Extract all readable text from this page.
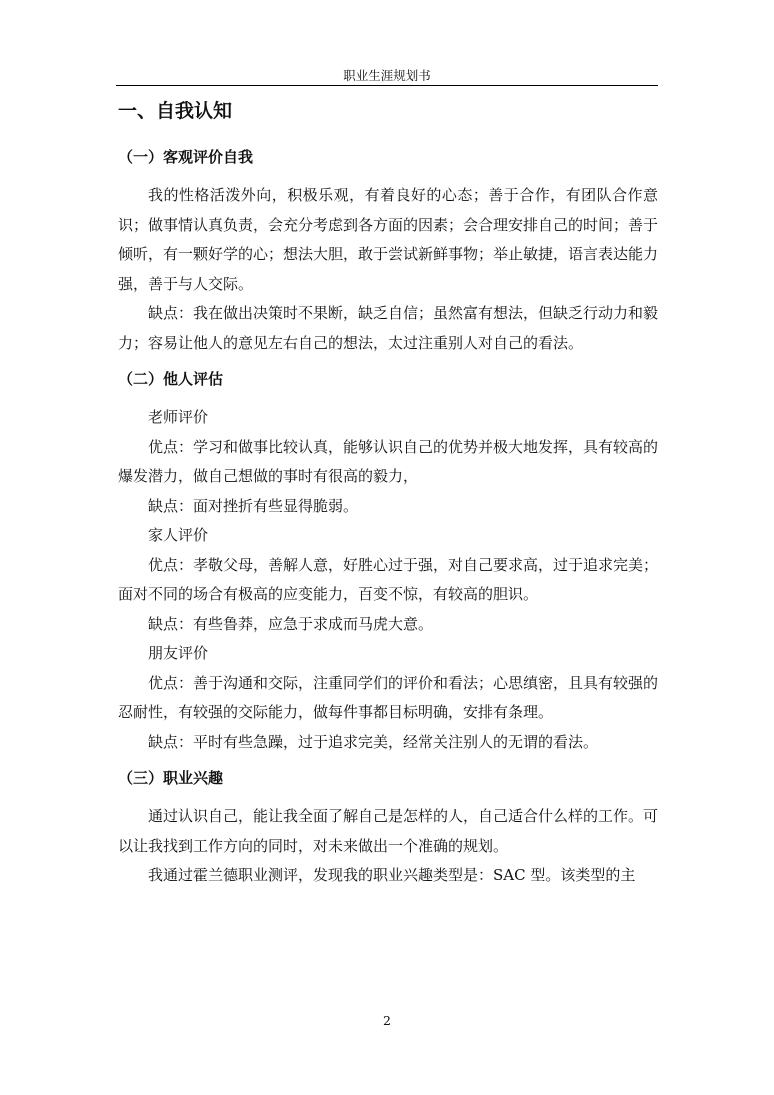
职业生涯规划书
一、自我认知
（一）客观评价自我

我的性格活泼外向，积极乐观，有着良好的心态；善于合作，有团队合作意识；做事情认真负责，会充分考虑到各方面的因素；会合理安排自己的时间；善于倾听，有一颗好学的心；想法大胆，敢于尝试新鲜事物；举止敏捷，语言表达能力强，善于与人交际。

缺点：我在做出决策时不果断，缺乏自信；虽然富有想法，但缺乏行动力和毅力；容易让他人的意见左右自己的想法，太过注重别人对自己的看法。

（二）他人评估

老师评价

优点：学习和做事比较认真，能够认识自己的优势并极大地发挥，具有较高的爆发潜力，做自己想做的事时有很高的毅力，

缺点：面对挫折有些显得脆弱。

家人评价

优点：孝敬父母，善解人意，好胜心过于强，对自己要求高，过于追求完美；面对不同的场合有极高的应变能力，百变不惊，有较高的胆识。

缺点：有些鲁莽，应急于求成而马虎大意。

朋友评价

优点：善于沟通和交际，注重同学们的评价和看法；心思缜密，且具有较强的忍耐性，有较强的交际能力，做每件事都目标明确，安排有条理。

缺点：平时有些急躁，过于追求完美，经常关注别人的无谓的看法。

（三）职业兴趣

通过认识自己，能让我全面了解自己是怎样的人，自己适合什么样的工作。可以让我找到工作方向的同时，对未来做出一个准确的规划。

我通过霍兰德职业测评，发现我的职业兴趣类型是：SAC 型。该类型的主

2
